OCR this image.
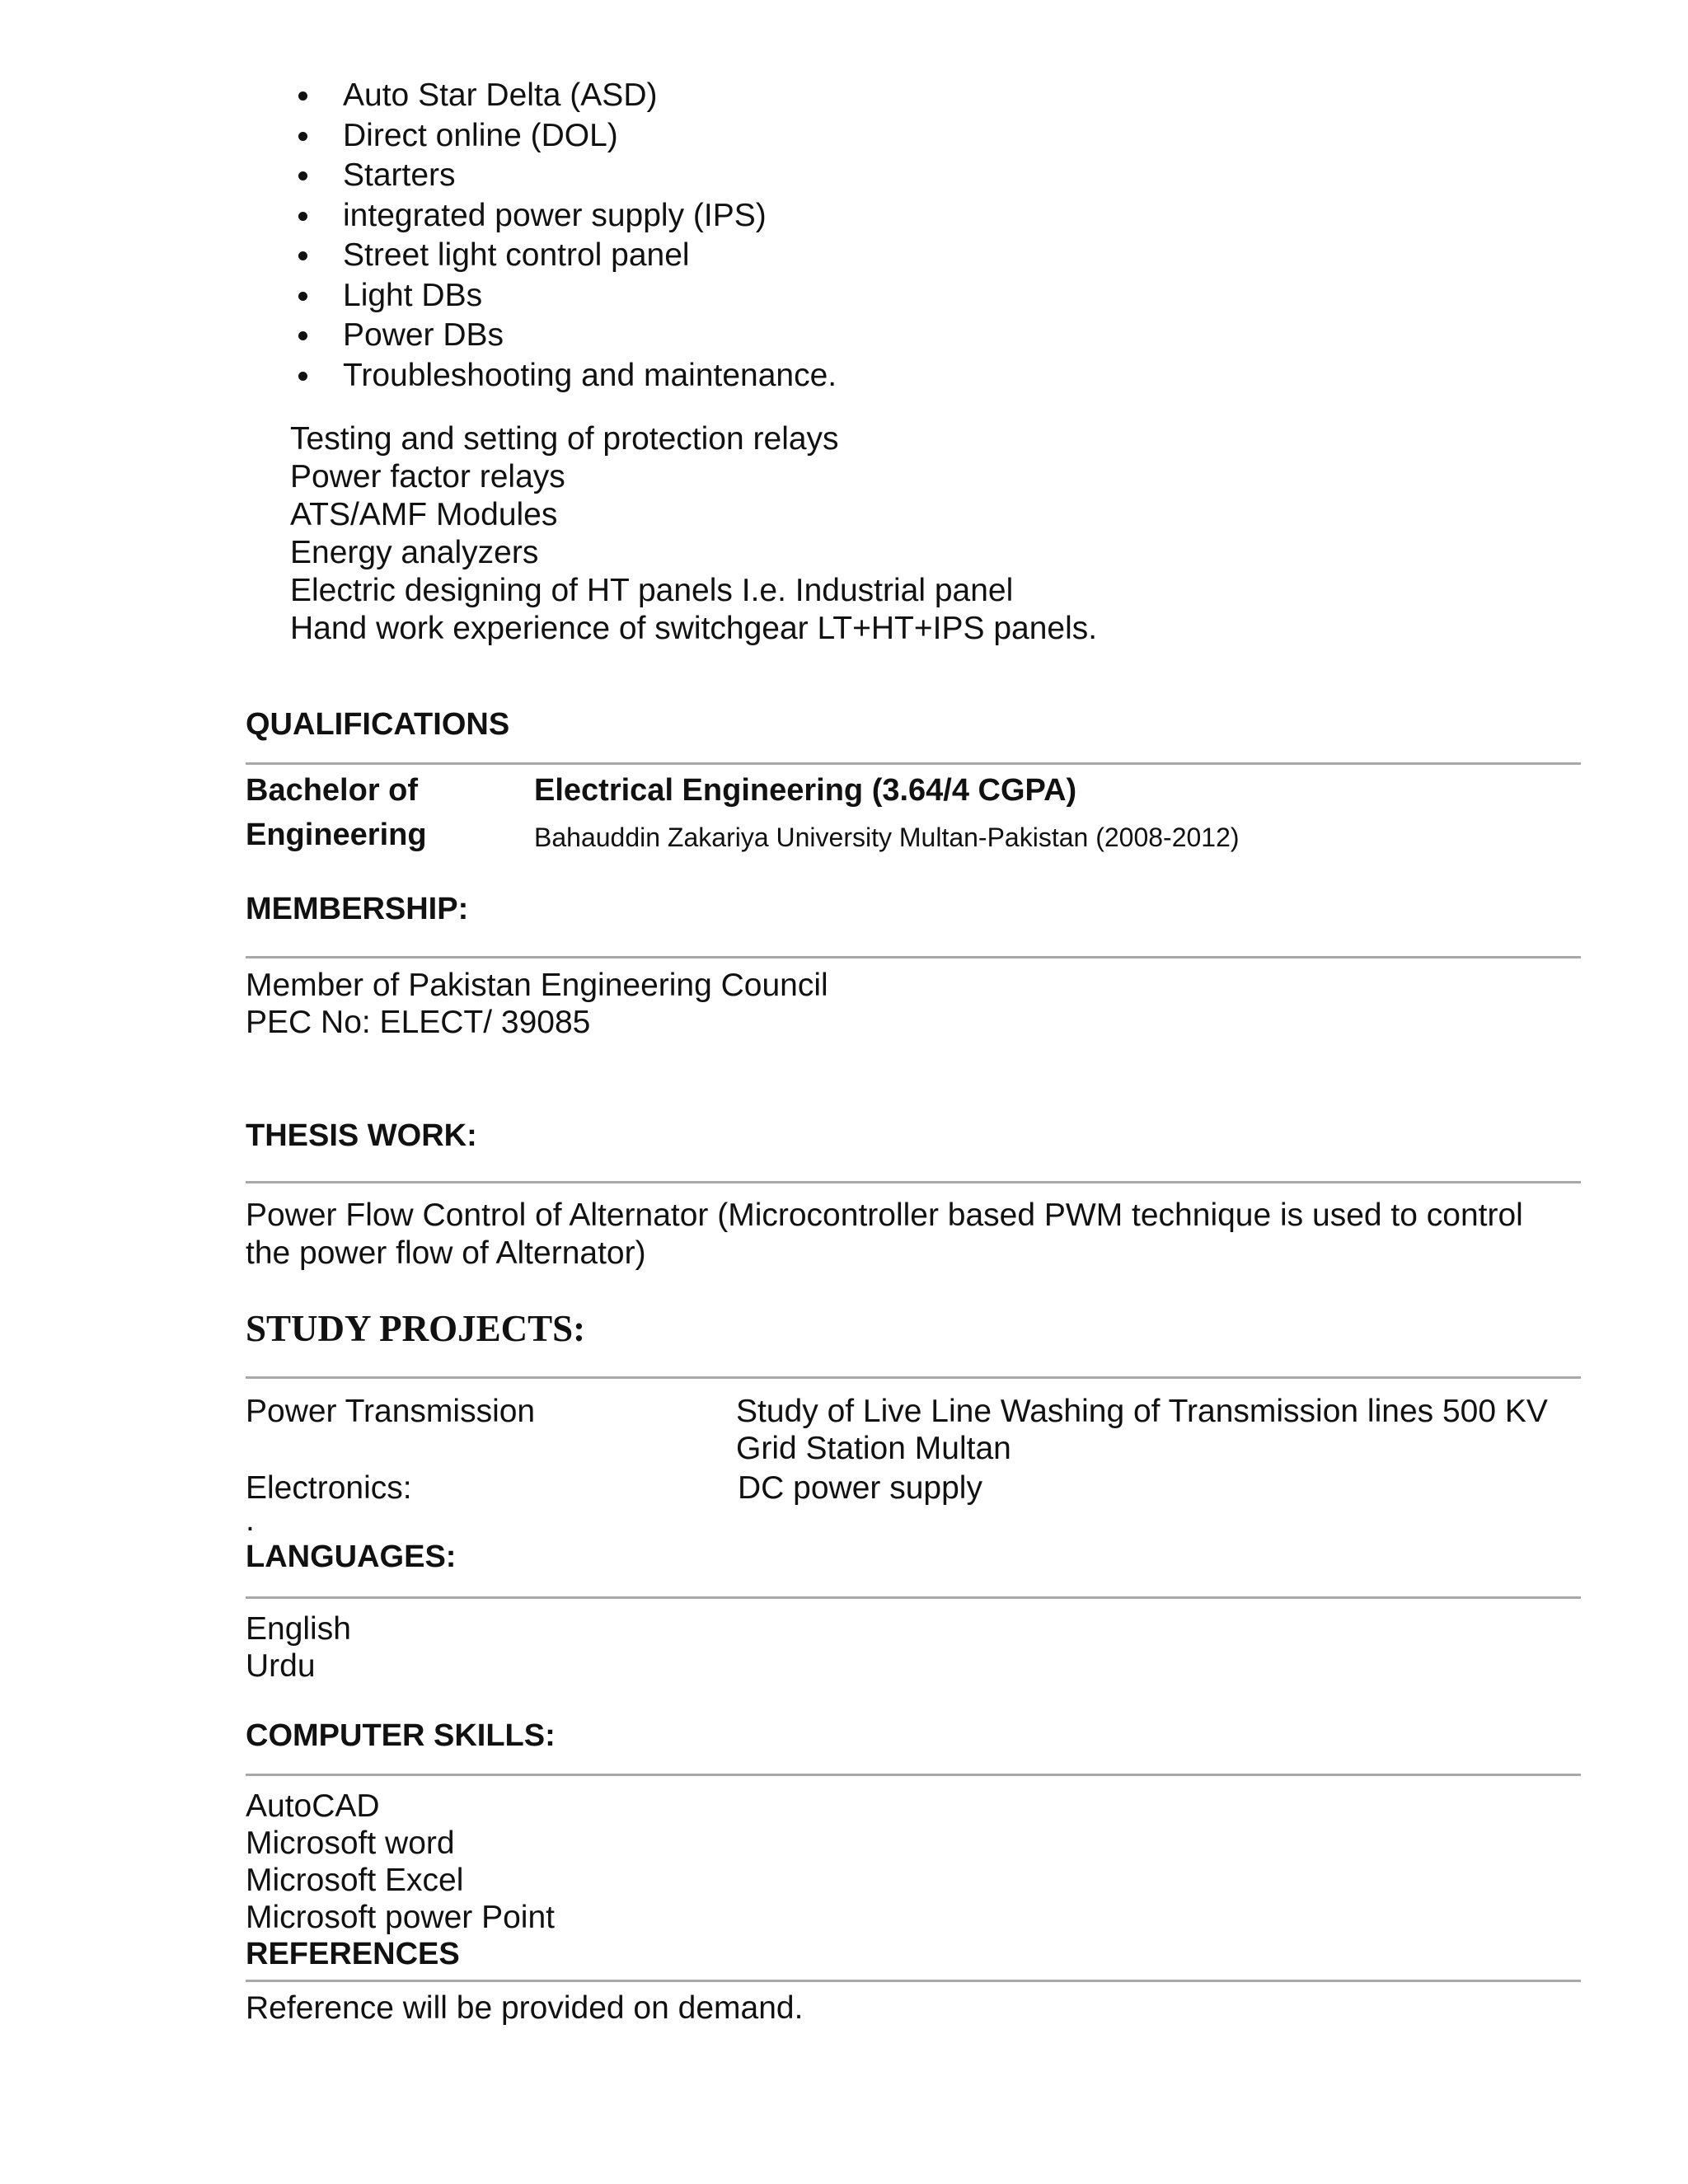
Auto Star Delta (ASD)
Direct online (DOL)
Starters
integrated power supply (IPS)
Street light control panel
Light DBs
Power DBs
Troubleshooting and maintenance.
Testing and setting of protection relays
Power factor relays
ATS/AMF Modules
Energy analyzers
Electric designing of HT panels I.e. Industrial panel
Hand work experience of switchgear LT+HT+IPS panels.
QUALIFICATIONS
Bachelor of
Engineering
Electrical Engineering (3.64/4 CGPA)
Bahauddin Zakariya University Multan-Pakistan (2008-2012)
MEMBERSHIP:
Member of Pakistan Engineering Council
PEC No: ELECT/ 39085
THESIS WORK:
Power Flow Control of Alternator (Microcontroller based PWM technique is used to control
the power flow of Alternator)
STUDY PROJECTS:
Power Transmission	Study of Live Line Washing of Transmission lines 500 KV
Grid Station Multan
Electronics:	DC power supply
.
LANGUAGES:
English
Urdu
COMPUTER SKILLS:
AutoCAD
Microsoft word
Microsoft Excel
Microsoft power Point
REFERENCES
Reference will be provided on demand.
